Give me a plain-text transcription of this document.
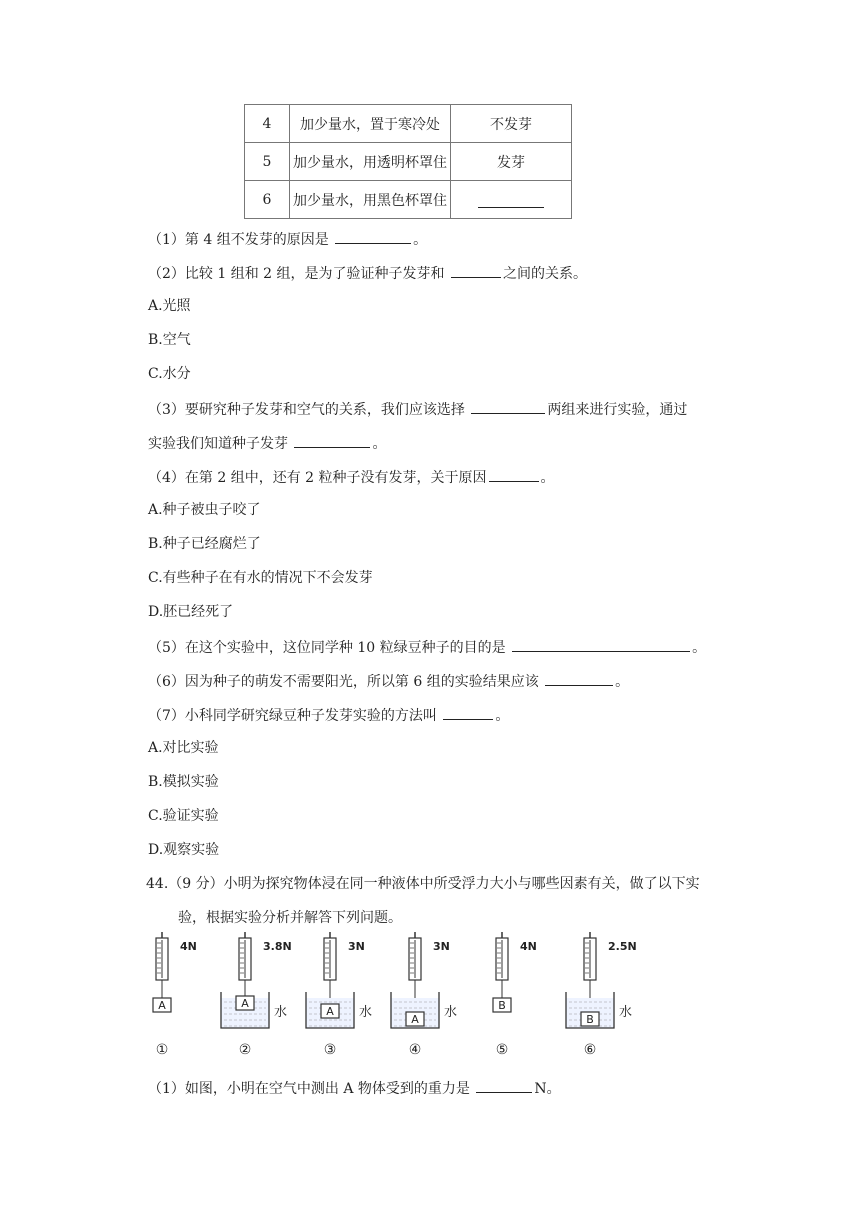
4	加少量水，置于寒冷处	不发芽
5	加少量水，用透明杯罩住	发芽
6	加少量水，用黑色杯罩住	
（1）第 4 组不发芽的原因是	。
（2）比较 1 组和 2 组，是为了验证种子发芽和	之间的关系。
A.光照
B.空气
C.水分
（3）要研究种子发芽和空气的关系，我们应该选择	两组来进行实验，通过
实验我们知道种子发芽	。
（4）在第 2 组中，还有 2 粒种子没有发芽，关于原因	。
A.种子被虫子咬了
B.种子已经腐烂了
C.有些种子在有水的情况下不会发芽
D.胚已经死了
（5）在这个实验中，这位同学种 10 粒绿豆种子的目的是	。
（6）因为种子的萌发不需要阳光，所以第 6 组的实验结果应该	。
（7）小科同学研究绿豆种子发芽实验的方法叫	。
A.对比实验
B.模拟实验
C.验证实验
D.观察实验
44.（9 分）小明为探究物体浸在同一种液体中所受浮力大小与哪些因素有关，做了以下实
验，根据实验分析并解答下列问题。
4N
A
①
3.8N
水
A
②
3N
水
A
③
3N
水
A
④
4N
B
⑤
2.5N
水
B
⑥
（1）如图，小明在空气中测出 A 物体受到的重力是	N。
